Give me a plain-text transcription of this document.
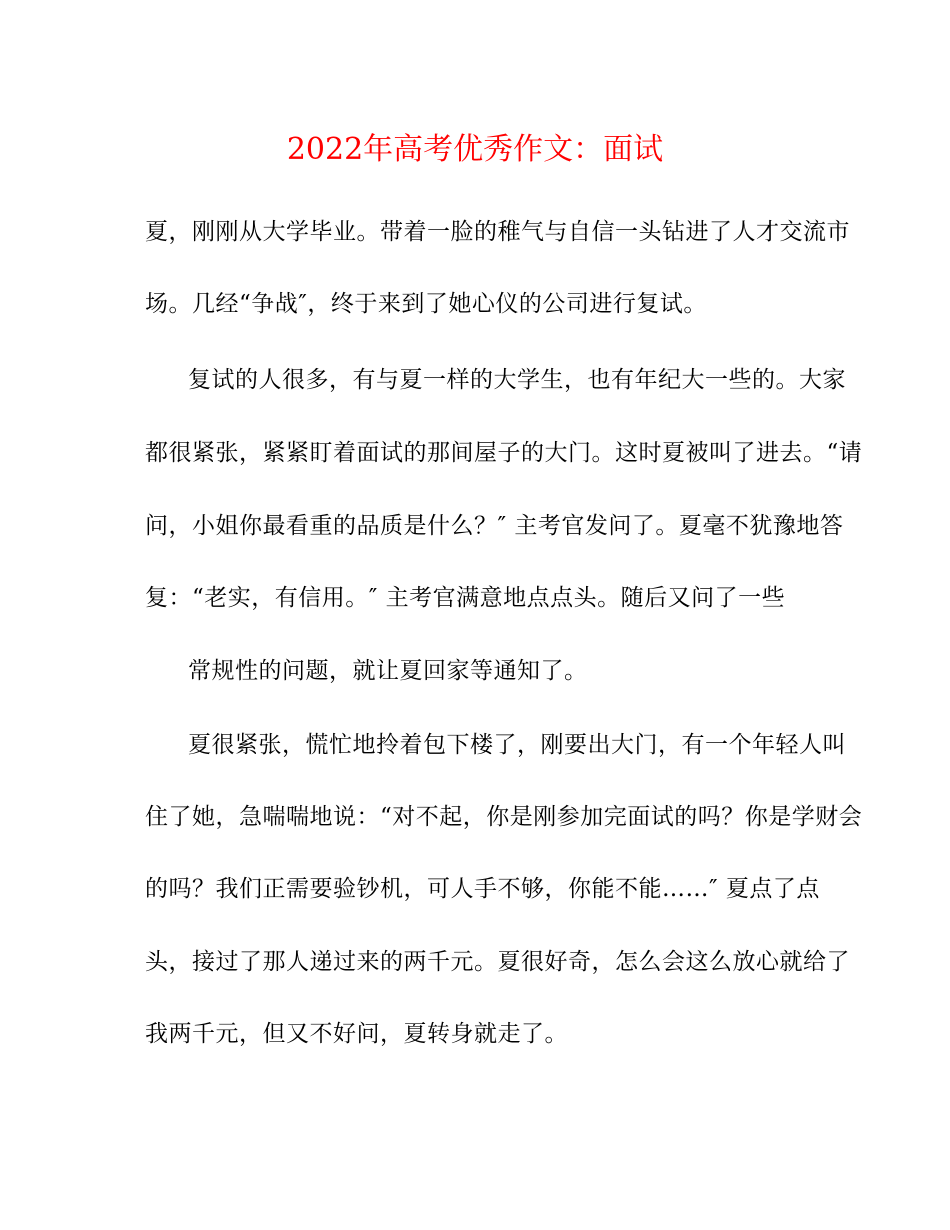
2022年高考优秀作文：面试
夏，刚刚从大学毕业。带着一脸的稚气与自信一头钻进了人才交流市
场。几经“争战″，终于来到了她心仪的公司进行复试。
复试的人很多，有与夏一样的大学生，也有年纪大一些的。大家
都很紧张，紧紧盯着面试的那间屋子的大门。这时夏被叫了进去。“请
问，小姐你最看重的品质是什么？″ 主考官发问了。夏毫不犹豫地答
复：“老实，有信用。″ 主考官满意地点点头。随后又问了一些
常规性的问题，就让夏回家等通知了。
夏很紧张，慌忙地拎着包下楼了，刚要出大门，有一个年轻人叫
住了她，急喘喘地说：“对不起，你是刚参加完面试的吗？你是学财会
的吗？我们正需要验钞机，可人手不够，你能不能……″ 夏点了点
头，接过了那人递过来的两千元。夏很好奇，怎么会这么放心就给了
我两千元，但又不好问，夏转身就走了。
